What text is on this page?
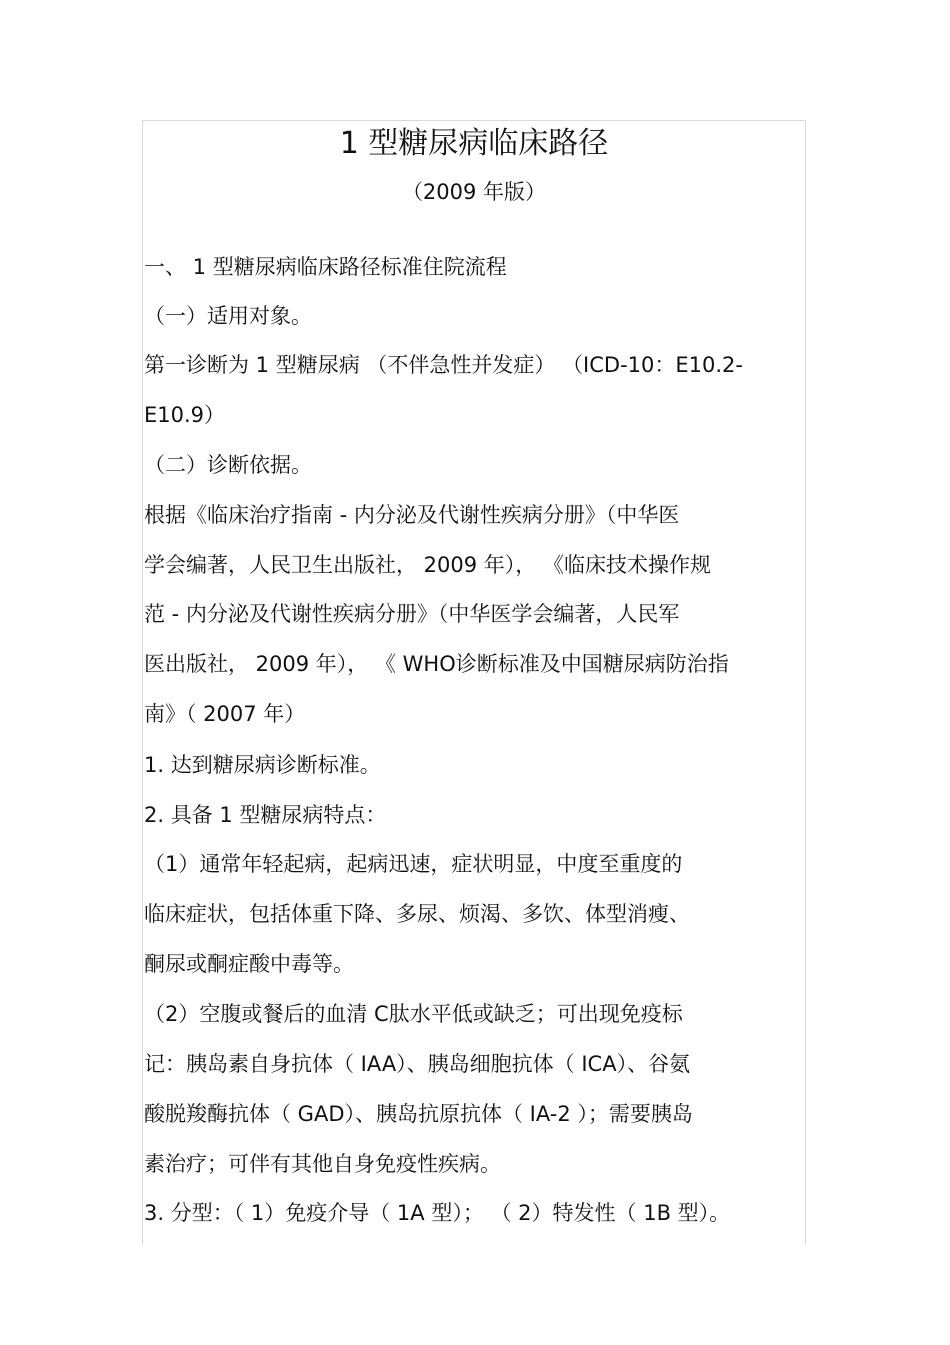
1 型糖尿病临床路径
（2009 年版）
一、 1 型糖尿病临床路径标准住院流程
（一）适用对象。
第一诊断为 1 型糖尿病 （不伴急性并发症） （ICD-10：E10.2-
E10.9）
（二）诊断依据。
根据《临床治疗指南 - 内分泌及代谢性疾病分册》（中华医
学会编著，人民卫生出版社， 2009 年）， 《临床技术操作规
范 - 内分泌及代谢性疾病分册》（中华医学会编著，人民军
医出版社， 2009 年）， 《 WHO诊断标准及中国糖尿病防治指
南》（ 2007 年）
1. 达到糖尿病诊断标准。
2. 具备 1 型糖尿病特点：
（1）通常年轻起病，起病迅速，症状明显，中度至重度的
临床症状，包括体重下降、多尿、烦渴、多饮、体型消瘦、
酮尿或酮症酸中毒等。
（2）空腹或餐后的血清 C肽水平低或缺乏；可出现免疫标
记：胰岛素自身抗体（ IAA）、胰岛细胞抗体（ ICA）、谷氨
酸脱羧酶抗体（ GAD）、胰岛抗原抗体（ IA-2 ）；需要胰岛
素治疗；可伴有其他自身免疫性疾病。
3. 分型：（ 1）免疫介导（ 1A 型）； （ 2）特发性（ 1B 型）。
